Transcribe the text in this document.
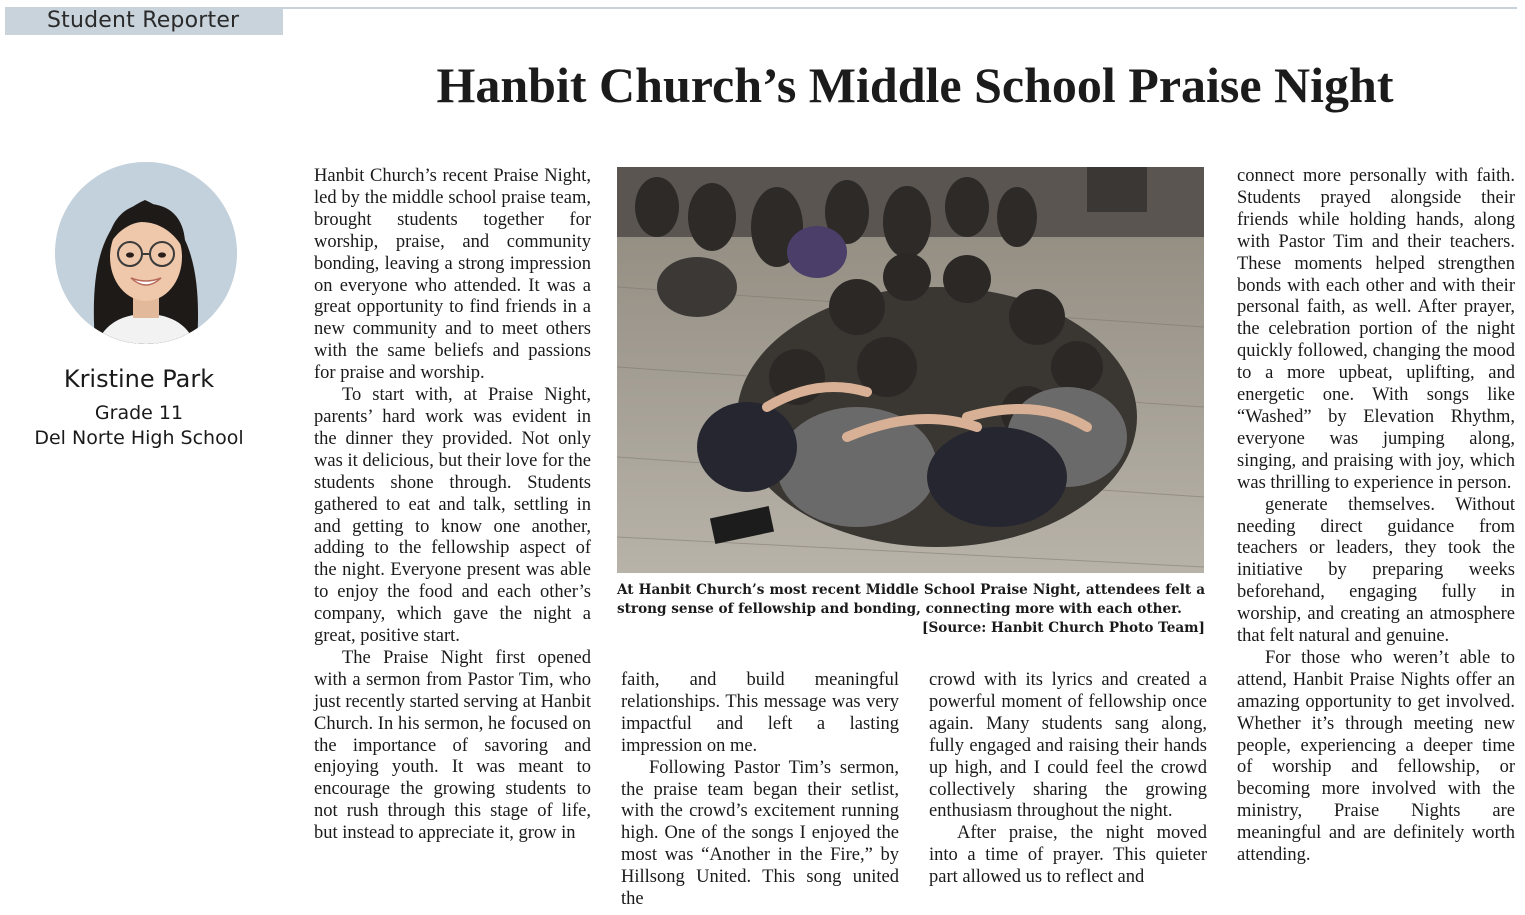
Student Reporter
Hanbit Church’s Middle School Praise Night
Kristine Park
Grade 11
Del Norte High School

Hanbit Church’s recent Praise Night, led by the middle school praise team, brought students together for worship, praise, and community bonding, leaving a strong impression on everyone who attended. It was a great opportunity to find friends in a new community and to meet others with the same beliefs and passions for praise and worship.

To start with, at Praise Night, parents’ hard work was evident in the dinner they provided. Not only was it delicious, but their love for the students shone through. Students gathered to eat and talk, settling in and getting to know one another, adding to the fellowship aspect of the night. Everyone present was able to enjoy the food and each other’s company, which gave the night a great, positive start.

The Praise Night first opened with a sermon from Pastor Tim, who just recently started serving at Hanbit Church. In his sermon, he focused on the importance of savoring and enjoying youth. It was meant to encourage the growing students to not rush through this stage of life, but instead to appreciate it, grow in

At Hanbit Church’s most recent Middle School Praise Night, attendees felt a strong sense of fellowship and bonding, connecting more with each other.
[Source: Hanbit Church Photo Team]

faith, and build meaningful relationships. This message was very impactful and left a lasting impression on me.

Following Pastor Tim’s sermon, the praise team began their setlist, with the crowd’s excitement running high. One of the songs I enjoyed the most was “Another in the Fire,” by Hillsong United. This song united the

crowd with its lyrics and created a powerful moment of fellowship once again. Many students sang along, fully engaged and raising their hands up high, and I could feel the crowd collectively sharing the growing enthusiasm throughout the night.

After praise, the night moved into a time of prayer. This quieter part allowed us to reflect and

connect more personally with faith. Students prayed alongside their friends while holding hands, along with Pastor Tim and their teachers. These moments helped strengthen bonds with each other and with their personal faith, as well. After prayer, the celebration portion of the night quickly followed, changing the mood to a more upbeat, uplifting, and energetic one. With songs like “Washed” by Elevation Rhythm, everyone was jumping along, singing, and praising with joy, which was thrilling to experience in person.

generate themselves. Without needing direct guidance from teachers or leaders, they took the initiative by preparing weeks beforehand, engaging fully in worship, and creating an atmosphere that felt natural and genuine.

For those who weren’t able to attend, Hanbit Praise Nights offer an amazing opportunity to get involved. Whether it’s through meeting new people, experiencing a deeper time of worship and fellowship, or becoming more involved with the ministry, Praise Nights are meaningful and are definitely worth attending.
